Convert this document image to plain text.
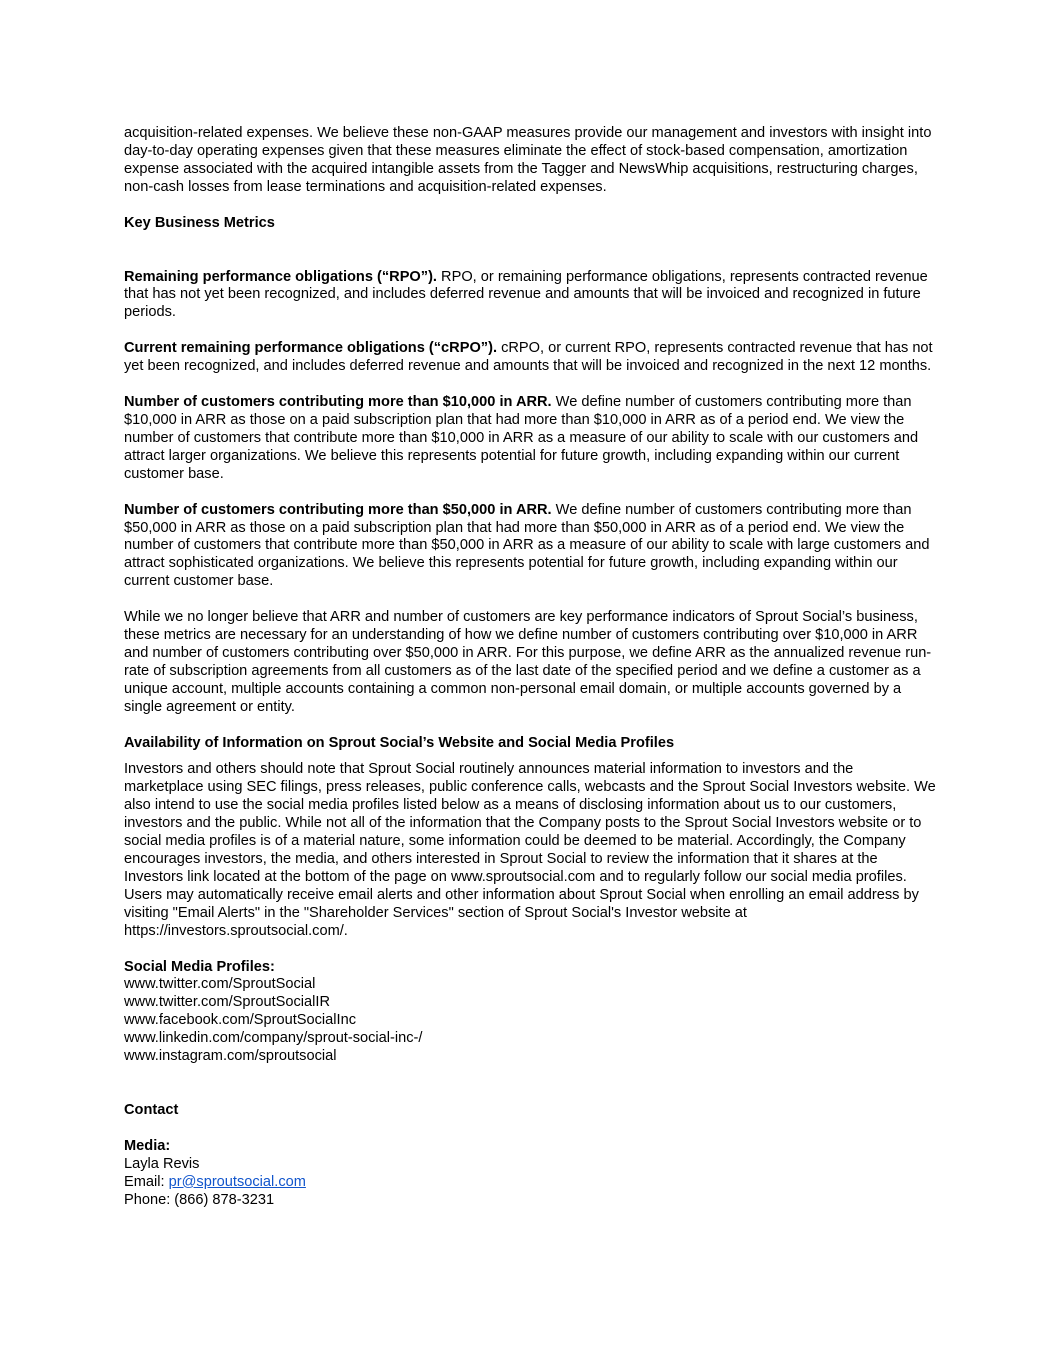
acquisition-related expenses. We believe these non-GAAP measures provide our management and investors with insight into day-to-day operating expenses given that these measures eliminate the effect of stock-based compensation, amortization expense associated with the acquired intangible assets from the Tagger and NewsWhip acquisitions, restructuring charges, non-cash losses from lease terminations and acquisition-related expenses.

Key Business Metrics

Remaining performance obligations (“RPO”). RPO, or remaining performance obligations, represents contracted revenue that has not yet been recognized, and includes deferred revenue and amounts that will be invoiced and recognized in future periods.

Current remaining performance obligations (“cRPO”). cRPO, or current RPO, represents contracted revenue that has not yet been recognized, and includes deferred revenue and amounts that will be invoiced and recognized in the next 12 months.

Number of customers contributing more than $10,000 in ARR. We define number of customers contributing more than $10,000 in ARR as those on a paid subscription plan that had more than $10,000 in ARR as of a period end. We view the number of customers that contribute more than $10,000 in ARR as a measure of our ability to scale with our customers and attract larger organizations. We believe this represents potential for future growth, including expanding within our current customer base.

Number of customers contributing more than $50,000 in ARR. We define number of customers contributing more than $50,000 in ARR as those on a paid subscription plan that had more than $50,000 in ARR as of a period end. We view the number of customers that contribute more than $50,000 in ARR as a measure of our ability to scale with large customers and attract sophisticated organizations. We believe this represents potential for future growth, including expanding within our current customer base.

While we no longer believe that ARR and number of customers are key performance indicators of Sprout Social’s business, these metrics are necessary for an understanding of how we define number of customers contributing over $10,000 in ARR and number of customers contributing over $50,000 in ARR. For this purpose, we define ARR as the annualized revenue run-rate of subscription agreements from all customers as of the last date of the specified period and we define a customer as a unique account, multiple accounts containing a common non-personal email domain, or multiple accounts governed by a single agreement or entity.

Availability of Information on Sprout Social’s Website and Social Media Profiles

Investors and others should note that Sprout Social routinely announces material information to investors and the marketplace using SEC filings, press releases, public conference calls, webcasts and the Sprout Social Investors website. We also intend to use the social media profiles listed below as a means of disclosing information about us to our customers, investors and the public. While not all of the information that the Company posts to the Sprout Social Investors website or to social media profiles is of a material nature, some information could be deemed to be material. Accordingly, the Company encourages investors, the media, and others interested in Sprout Social to review the information that it shares at the Investors link located at the bottom of the page on www.sproutsocial.com and to regularly follow our social media profiles. Users may automatically receive email alerts and other information about Sprout Social when enrolling an email address by visiting "Email Alerts" in the "Shareholder Services" section of Sprout Social's Investor website at https://investors.sproutsocial.com/.

Social Media Profiles:

www.twitter.com/SproutSocial
www.twitter.com/SproutSocialIR
www.facebook.com/SproutSocialInc
www.linkedin.com/company/sprout-social-inc-/
www.instagram.com/sproutsocial

Contact

Media:

Layla Revis

Email: pr@sproutsocial.com

Phone: (866) 878-3231
